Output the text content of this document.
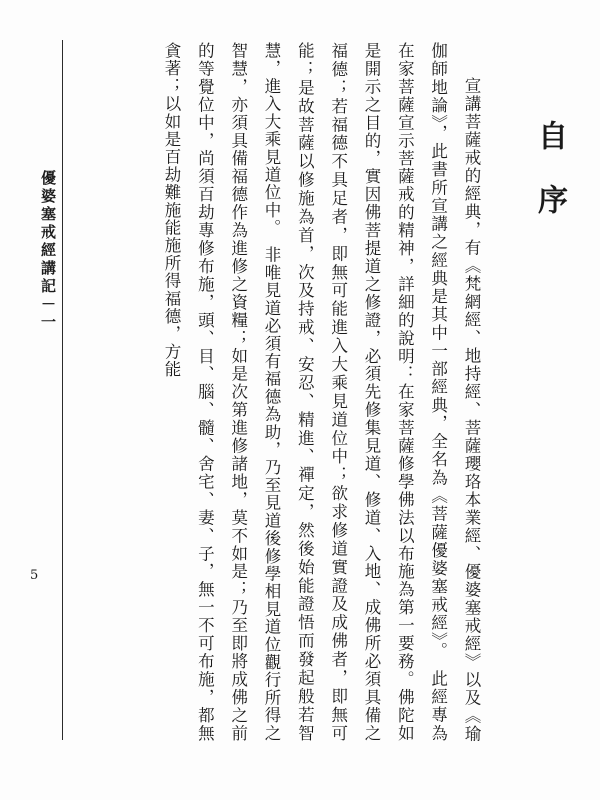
優婆塞戒經講記－一
5
自序

　宣講菩薩戒的經典，有《梵網經、地持經、菩薩瓔珞本業經、優婆塞戒經》以及《瑜伽師地論》，此書所宣講之經典是其中一部經典，全名為《菩薩優婆塞戒經》。　此經專為在家菩薩宣示菩薩戒的精神，詳細的說明：在家菩薩修學佛法以布施為第一要務。佛陀如是開示之目的，實因佛菩提道之修證，必須先修集見道、修道、入地、成佛所必須具備之福德；若福德不具足者，即無可能進入大乘見道位中；欲求修道實證及成佛者，即無可能；是故菩薩以修施為首，次及持戒、安忍、精進、禪定，然後始能證悟而發起般若智慧，進入大乘見道位中。　非唯見道必須有福德為助，乃至見道後修學相見道位觀行所得之智慧，亦須具備福德作為進修之資糧；如是次第進修諸地，莫不如是；乃至即將成佛之前的等覺位中，尚須百劫專修布施，頭、目、腦、髓、舍宅、妻、子，無一不可布施，都無貪著；以如是百劫難施能施所得福德，方能
